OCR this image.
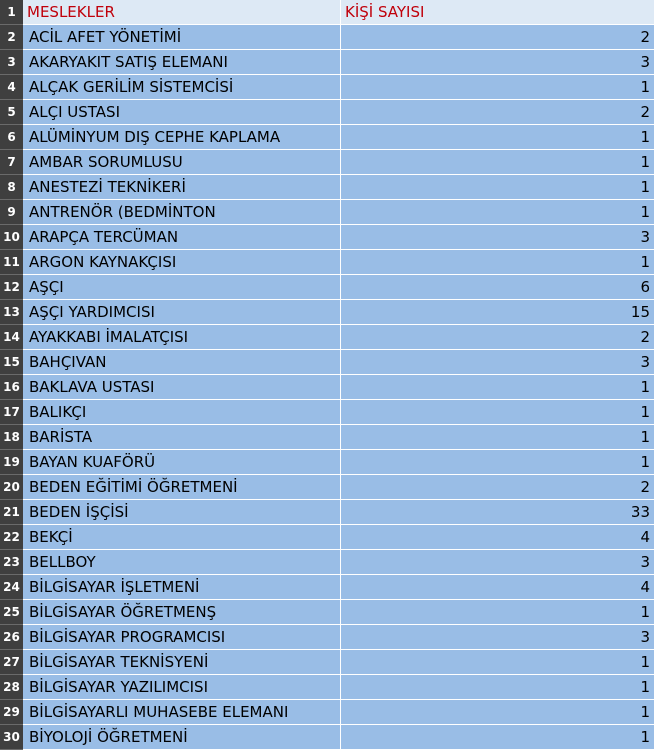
1 MESLEKLER	KİŞİ SAYISI
2 ACİL AFET YÖNETİMİ	2
3 AKARYAKIT SATIŞ ELEMANI	3
4 ALÇAK GERİLİM SİSTEMCİSİ	1
5 ALÇI USTASI	2
6 ALÜMİNYUM DIŞ CEPHE KAPLAMA	1
7 AMBAR SORUMLUSU	1
8 ANESTEZİ TEKNİKERİ	1
9 ANTRENÖR (BEDMİNTON	1
10 ARAPÇA TERCÜMAN	3
11 ARGON KAYNAKÇISI	1
12 AŞÇI	6
13 AŞÇI YARDIMCISI	15
14 AYAKKABI İMALATÇISI	2
15 BAHÇIVAN	3
16 BAKLAVA USTASI	1
17 BALIKÇI	1
18 BARİSTA	1
19 BAYAN KUAFÖRÜ	1
20 BEDEN EĞİTİMİ ÖĞRETMENİ	2
21 BEDEN İŞÇİSİ	33
22 BEKÇİ	4
23 BELLBOY	3
24 BİLGİSAYAR İŞLETMENİ	4
25 BİLGİSAYAR ÖĞRETMENŞ	1
26 BİLGİSAYAR PROGRAMCISI	3
27 BİLGİSAYAR TEKNİSYENİ	1
28 BİLGİSAYAR YAZILIMCISI	1
29 BİLGİSAYARLI MUHASEBE ELEMANI	1
30 BİYOLOJİ ÖĞRETMENİ	1
